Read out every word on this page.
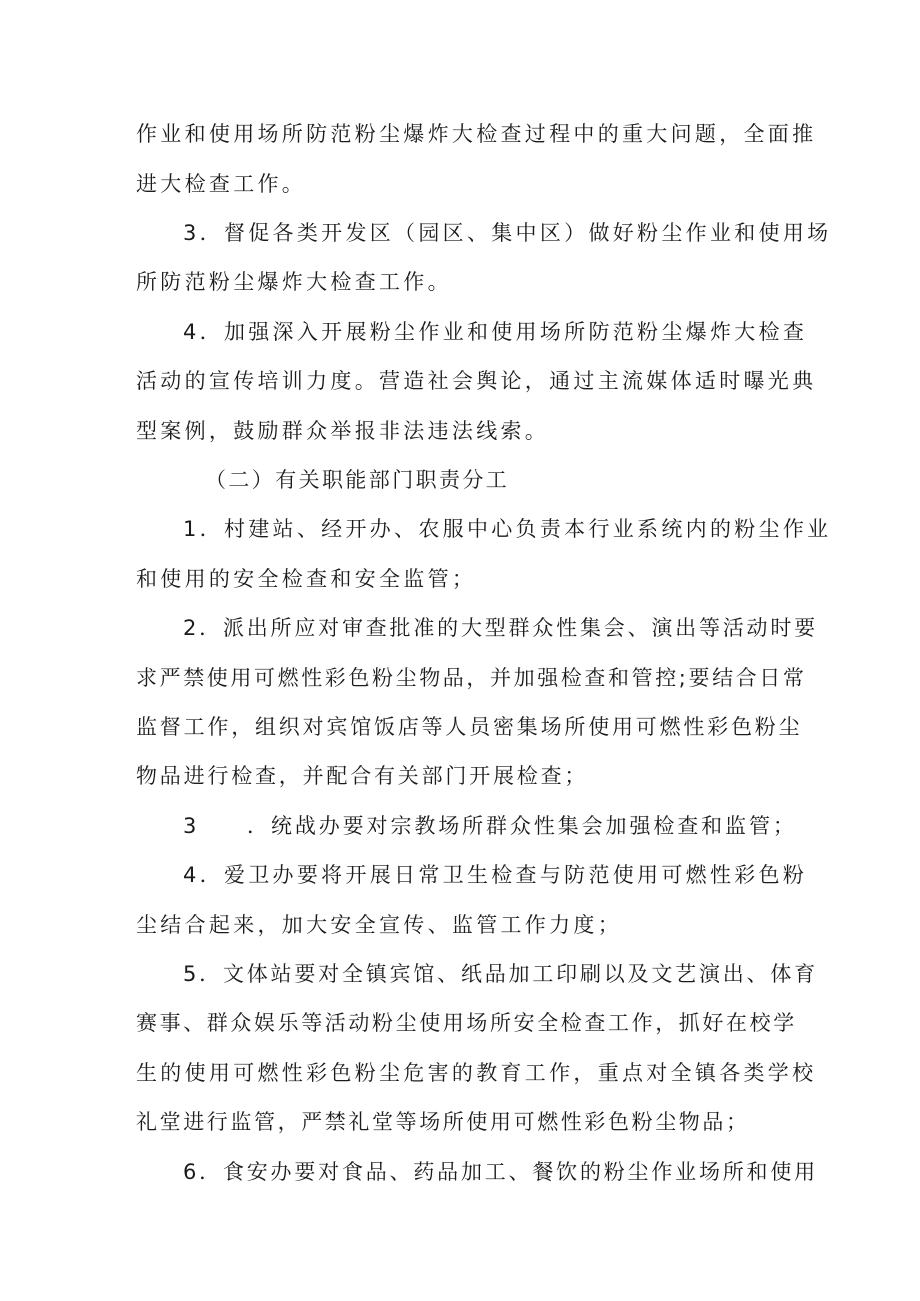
作业和使用场所防范粉尘爆炸大检查过程中的重大问题，全面推
进大检查工作。
3．督促各类开发区（园区、集中区）做好粉尘作业和使用场
所防范粉尘爆炸大检查工作。
4．加强深入开展粉尘作业和使用场所防范粉尘爆炸大检查
活动的宣传培训力度。营造社会舆论，通过主流媒体适时曝光典
型案例，鼓励群众举报非法违法线索。
（二）有关职能部门职责分工
1．村建站、经开办、农服中心负责本行业系统内的粉尘作业
和使用的安全检查和安全监管；
2．派出所应对审查批准的大型群众性集会、演出等活动时要
求严禁使用可燃性彩色粉尘物品，并加强检查和管控;要结合日常
监督工作，组织对宾馆饭店等人员密集场所使用可燃性彩色粉尘
物品进行检查，并配合有关部门开展检查；
3　　．统战办要对宗教场所群众性集会加强检查和监管；
4．爱卫办要将开展日常卫生检查与防范使用可燃性彩色粉
尘结合起来，加大安全宣传、监管工作力度；
5．文体站要对全镇宾馆、纸品加工印刷以及文艺演出、体育
赛事、群众娱乐等活动粉尘使用场所安全检查工作，抓好在校学
生的使用可燃性彩色粉尘危害的教育工作，重点对全镇各类学校
礼堂进行监管，严禁礼堂等场所使用可燃性彩色粉尘物品；
6．食安办要对食品、药品加工、餐饮的粉尘作业场所和使用
